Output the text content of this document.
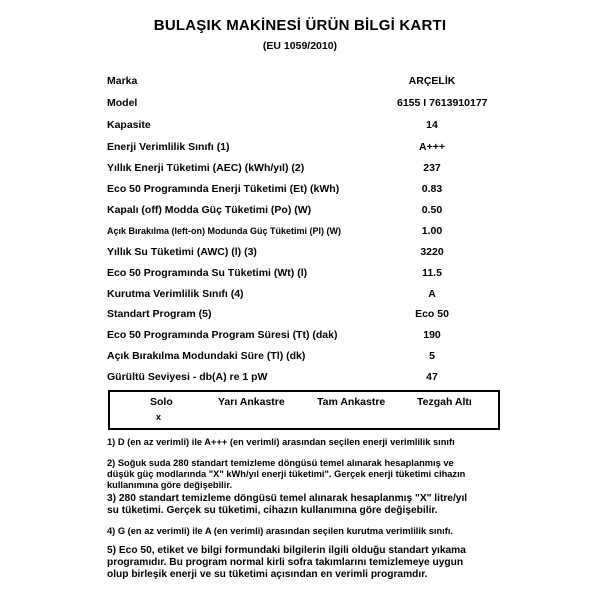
BULAŞIK MAKİNESİ ÜRÜN BİLGİ KARTI
(EU 1059/2010)
Marka	ARÇELİK
Model	6155 I 7613910177
Kapasite	14
Enerji Verimlilik Sınıfı (1)	A+++
Yıllık Enerji Tüketimi (AEC) (kWh/yıl) (2)	237
Eco 50 Programında Enerji Tüketimi (Et) (kWh)	0.83
Kapalı (off) Modda Güç Tüketimi (Po) (W)	0.50
Açık Bırakılma (left-on) Modunda Güç Tüketimi (Pl) (W)	1.00
Yıllık Su Tüketimi (AWC) (l) (3)	3220
Eco 50 Programında Su Tüketimi (Wt) (l)	11.5
Kurutma Verimlilik Sınıfı (4)	A
Standart Program (5)	Eco 50
Eco 50 Programında Program Süresi (Tt) (dak)	190
Açık Bırakılma Modundaki Süre (Tl) (dk)	5
Gürültü Seviyesi - db(A) re 1 pW	47
Solo	Yarı Ankastre	Tam Ankastre	Tezgah Altı
x
1) D (en az verimli) ile A+++ (en verimli) arasından seçilen enerji verimlilik sınıfı
2) Soğuk suda 280 standart temizleme döngüsü temel alınarak hesaplanmış ve
düşük güç modlarında "X" kWh/yıl enerji tüketimi". Gerçek enerji tüketimi cihazın
kullanımına göre değişebilir.
3) 280 standart temizleme döngüsü temel alınarak hesaplanmış "X" litre/yıl
su tüketimi. Gerçek su tüketimi, cihazın kullanımına göre değişebilir.
4) G (en az verimli) ile A (en verimli) arasından seçilen kurutma verimlilik sınıfı.
5) Eco 50, etiket ve bilgi formundaki bilgilerin ilgili olduğu standart yıkama
programıdır. Bu program normal kirli sofra takımlarını temizlemeye uygun
olup birleşik enerji ve su tüketimi açısından en verimli programdır.
